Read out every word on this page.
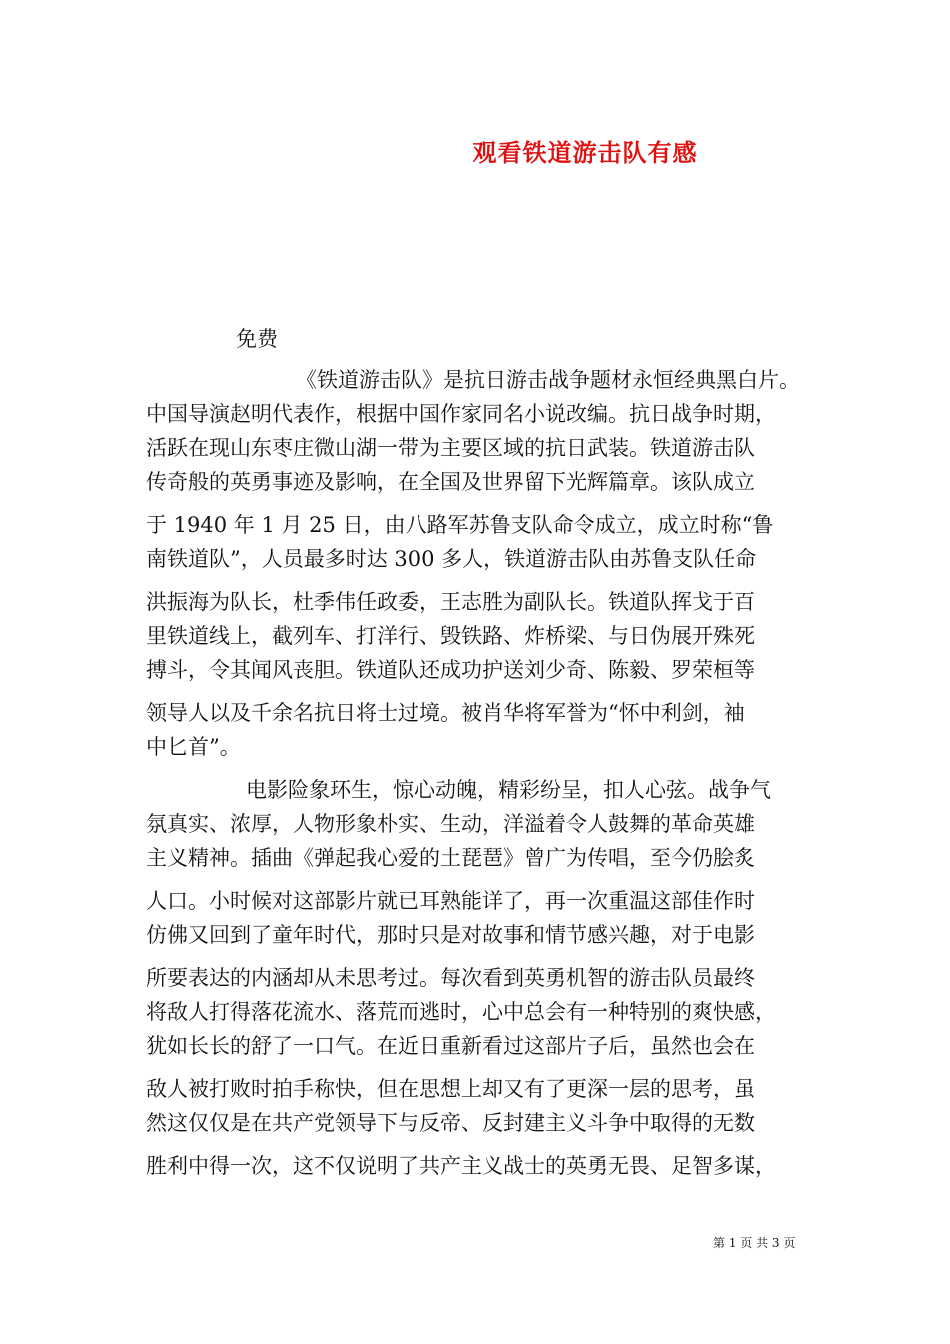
观看铁道游击队有感
免费
《铁道游击队》是抗日游击战争题材永恒经典黑白片。
中国导演赵明代表作，根据中国作家同名小说改编。抗日战争时期，
活跃在现山东枣庄微山湖一带为主要区域的抗日武装。铁道游击队
传奇般的英勇事迹及影响，在全国及世界留下光辉篇章。该队成立
于 1940 年 1 月 25 日，由八路军苏鲁支队命令成立，成立时称“鲁
南铁道队”，人员最多时达 300 多人，铁道游击队由苏鲁支队任命
洪振海为队长，杜季伟任政委，王志胜为副队长。铁道队挥戈于百
里铁道线上，截列车、打洋行、毁铁路、炸桥梁、与日伪展开殊死
搏斗，令其闻风丧胆。铁道队还成功护送刘少奇、陈毅、罗荣桓等
领导人以及千余名抗日将士过境。被肖华将军誉为“怀中利剑，袖
中匕首”。
电影险象环生，惊心动魄，精彩纷呈，扣人心弦。战争气
氛真实、浓厚，人物形象朴实、生动，洋溢着令人鼓舞的革命英雄
主义精神。插曲《弹起我心爱的土琵琶》曾广为传唱，至今仍脍炙
人口。小时候对这部影片就已耳熟能详了，再一次重温这部佳作时
仿佛又回到了童年时代，那时只是对故事和情节感兴趣，对于电影
所要表达的内涵却从未思考过。每次看到英勇机智的游击队员最终
将敌人打得落花流水、落荒而逃时，心中总会有一种特别的爽快感，
犹如长长的舒了一口气。在近日重新看过这部片子后，虽然也会在
敌人被打败时拍手称快，但在思想上却又有了更深一层的思考，虽
然这仅仅是在共产党领导下与反帝、反封建主义斗争中取得的无数
胜利中得一次，这不仅说明了共产主义战士的英勇无畏、足智多谋，
第 1 页 共 3 页
